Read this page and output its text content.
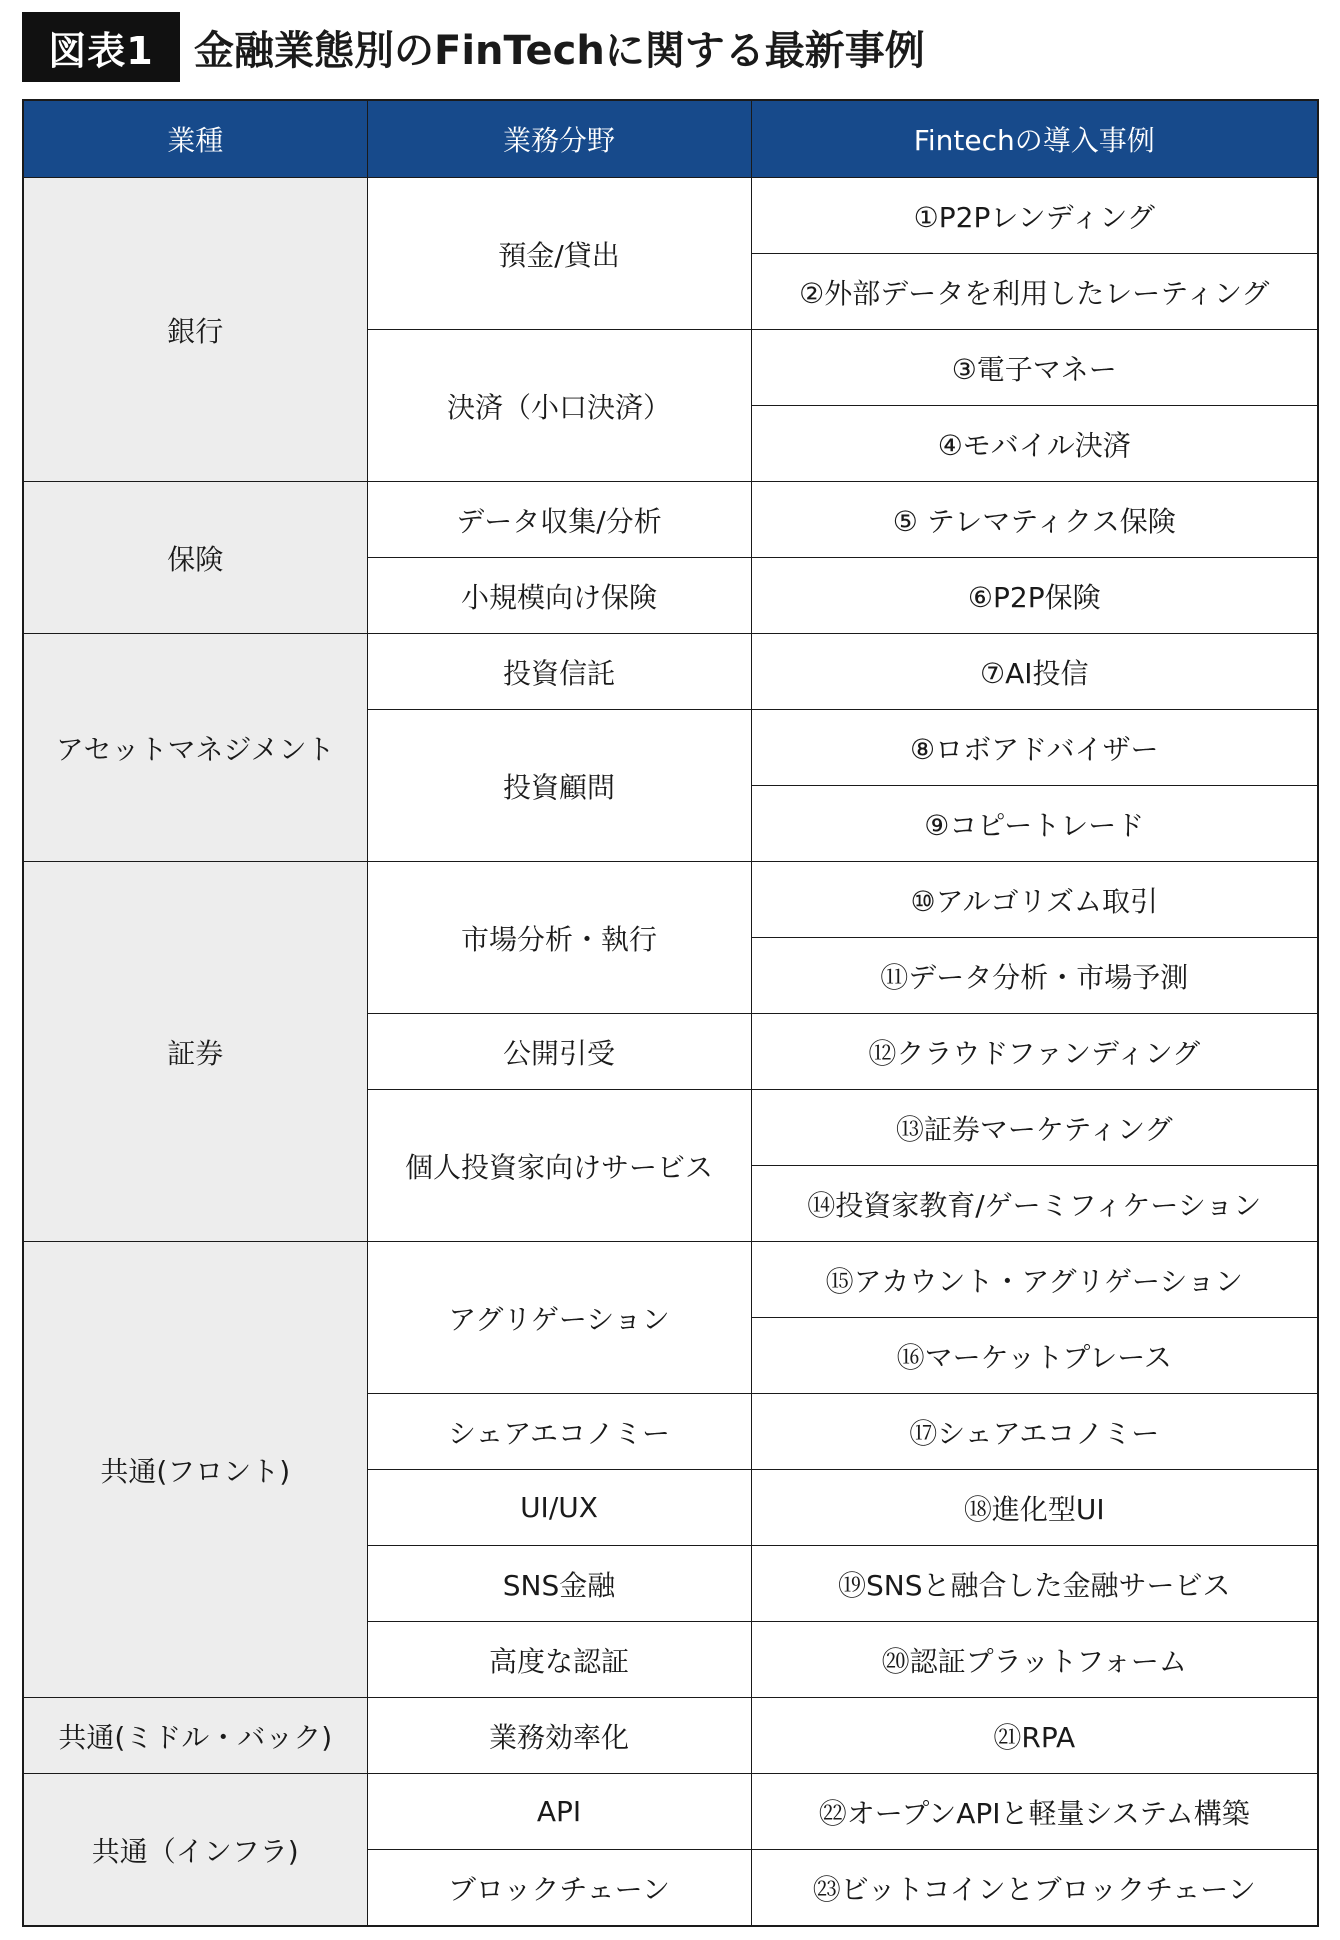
図表1	金融業態別のFinTechに関する最新事例
業種	業務分野	Fintechの導入事例
銀行	預金/貸出	①P2Pレンディング
		②外部データを利用したレーティング
	決済（小口決済）	③電子マネー
		④モバイル決済
保険	データ収集/分析	⑤ テレマティクス保険
	小規模向け保険	⑥P2P保険
アセットマネジメント	投資信託	⑦AI投信
	投資顧問	⑧ロボアドバイザー
		⑨コピートレード
証券	市場分析・執行	⑩アルゴリズム取引
		⑪データ分析・市場予測
	公開引受	⑫クラウドファンディング
	個人投資家向けサービス	⑬証券マーケティング
		⑭投資家教育/ゲーミフィケーション
共通(フロント)	アグリゲーション	⑮アカウント・アグリゲーション
		⑯マーケットプレース
	シェアエコノミー	⑰シェアエコノミー
	UI/UX	⑱進化型UI
	SNS金融	⑲SNSと融合した金融サービス
	高度な認証	⑳認証プラットフォーム
共通(ミドル・バック)	業務効率化	㉑RPA
共通（インフラ)	API	㉒オープンAPIと軽量システム構築
	ブロックチェーン	㉓ビットコインとブロックチェーン
